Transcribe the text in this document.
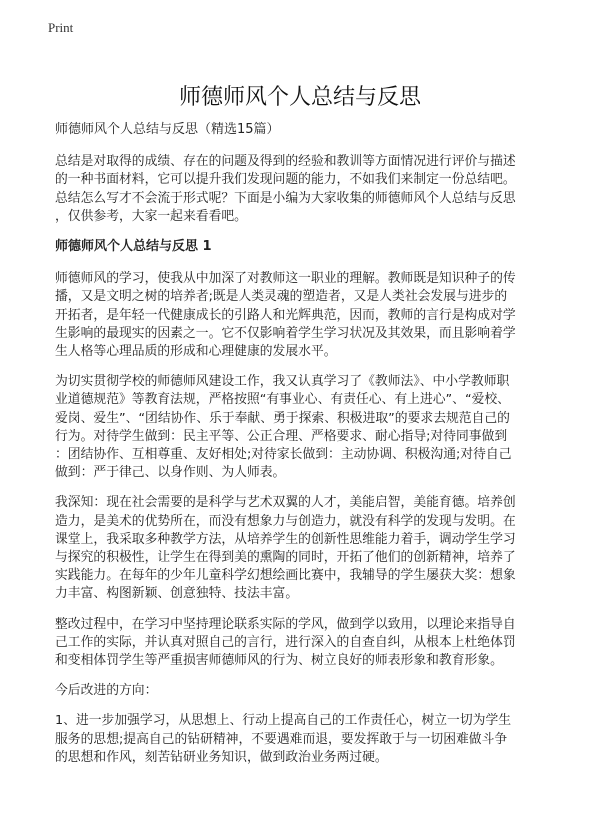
Print
师德师风个人总结与反思

师德师风个人总结与反思（精选15篇）

总结是对取得的成绩、存在的问题及得到的经验和教训等方面情况进行评价与描述
的一种书面材料，它可以提升我们发现问题的能力，不如我们来制定一份总结吧。
总结怎么写才不会流于形式呢？下面是小编为大家收集的师德师风个人总结与反思
，仅供参考，大家一起来看看吧。

师德师风个人总结与反思 1

师德师风的学习，使我从中加深了对教师这一职业的理解。教师既是知识种子的传
播，又是文明之树的培养者;既是人类灵魂的塑造者，又是人类社会发展与进步的
开拓者，是年轻一代健康成长的引路人和光辉典范，因而，教师的言行是构成对学
生影响的最现实的因素之一。它不仅影响着学生学习状况及其效果，而且影响着学
生人格等心理品质的形成和心理健康的发展水平。

为切实贯彻学校的师德师风建设工作，我又认真学习了《教师法》、中小学教师职
业道德规范》等教育法规，严格按照“有事业心、有责任心、有上进心”、“爱校、
爱岗、爱生”、“团结协作、乐于奉献、勇于探索、积极进取”的要求去规范自己的
行为。对待学生做到：民主平等、公正合理、严格要求、耐心指导;对待同事做到
：团结协作、互相尊重、友好相处;对待家长做到：主动协调、积极沟通;对待自己
做到：严于律己、以身作则、为人师表。

我深知：现在社会需要的是科学与艺术双翼的人才，美能启智，美能育德。培养创
造力，是美术的优势所在，而没有想象力与创造力，就没有科学的发现与发明。在
课堂上，我采取多种教学方法，从培养学生的创新性思维能力着手，调动学生学习
与探究的积极性，让学生在得到美的熏陶的同时，开拓了他们的创新精神，培养了
实践能力。在每年的少年儿童科学幻想绘画比赛中，我辅导的学生屡获大奖：想象
力丰富、构图新颖、创意独特、技法丰富。

整改过程中，在学习中坚持理论联系实际的学风，做到学以致用，以理论来指导自
己工作的实际，并认真对照自己的言行，进行深入的自查自纠，从根本上杜绝体罚
和变相体罚学生等严重损害师德师风的行为、树立良好的师表形象和教育形象。

今后改进的方向：

1、进一步加强学习，从思想上、行动上提高自己的工作责任心，树立一切为学生
服务的思想;提高自己的钻研精神，不要遇难而退，要发挥敢于与一切困难做斗争
的思想和作风，刻苦钻研业务知识，做到政治业务两过硬。
